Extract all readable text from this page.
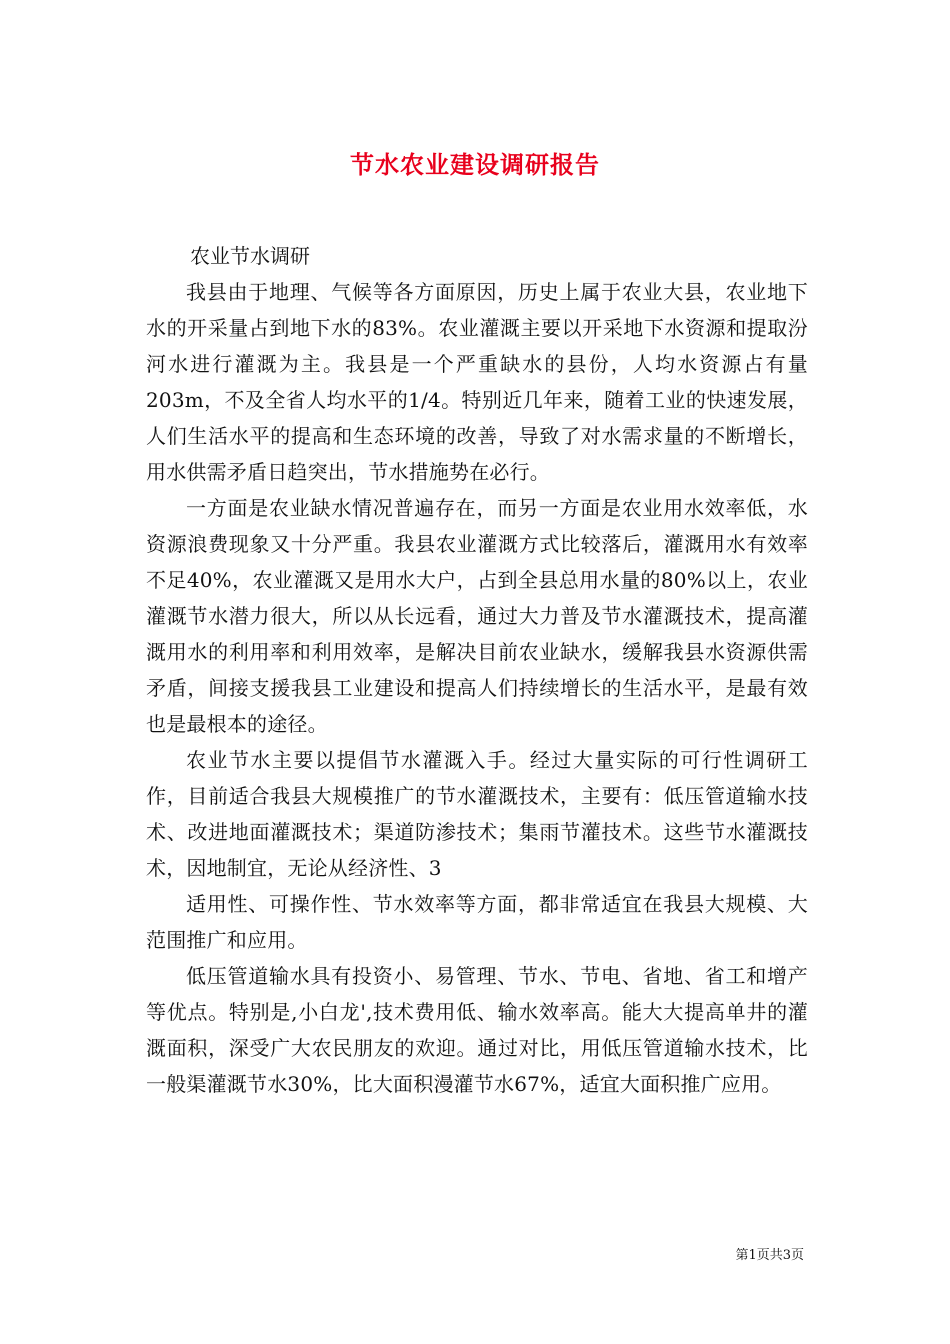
节水农业建设调研报告

农业节水调研

我县由于地理、气候等各方面原因，历史上属于农业大县，农业地下水的开采量占到地下水的83%。农业灌溉主要以开采地下水资源和提取汾河水进行灌溉为主。我县是一个严重缺水的县份，人均水资源占有量203m，不及全省人均水平的1/4。特别近几年来，随着工业的快速发展，人们生活水平的提高和生态环境的改善，导致了对水需求量的不断增长，用水供需矛盾日趋突出，节水措施势在必行。

一方面是农业缺水情况普遍存在，而另一方面是农业用水效率低，水资源浪费现象又十分严重。我县农业灌溉方式比较落后，灌溉用水有效率不足40%，农业灌溉又是用水大户，占到全县总用水量的80%以上，农业灌溉节水潜力很大，所以从长远看，通过大力普及节水灌溉技术，提高灌溉用水的利用率和利用效率，是解决目前农业缺水，缓解我县水资源供需矛盾，间接支援我县工业建设和提高人们持续增长的生活水平，是最有效也是最根本的途径。

农业节水主要以提倡节水灌溉入手。经过大量实际的可行性调研工作，目前适合我县大规模推广的节水灌溉技术，主要有：低压管道输水技术、改进地面灌溉技术；渠道防渗技术；集雨节灌技术。这些节水灌溉技术，因地制宜，无论从经济性、3

适用性、可操作性、节水效率等方面，都非常适宜在我县大规模、大范围推广和应用。

低压管道输水具有投资小、易管理、节水、节电、省地、省工和增产等优点。特别是,小白龙',技术费用低、输水效率高。能大大提高单井的灌溉面积，深受广大农民朋友的欢迎。通过对比，用低压管道输水技术，比一般渠灌溉节水30%，比大面积漫灌节水67%，适宜大面积推广应用。

第1页共3页
